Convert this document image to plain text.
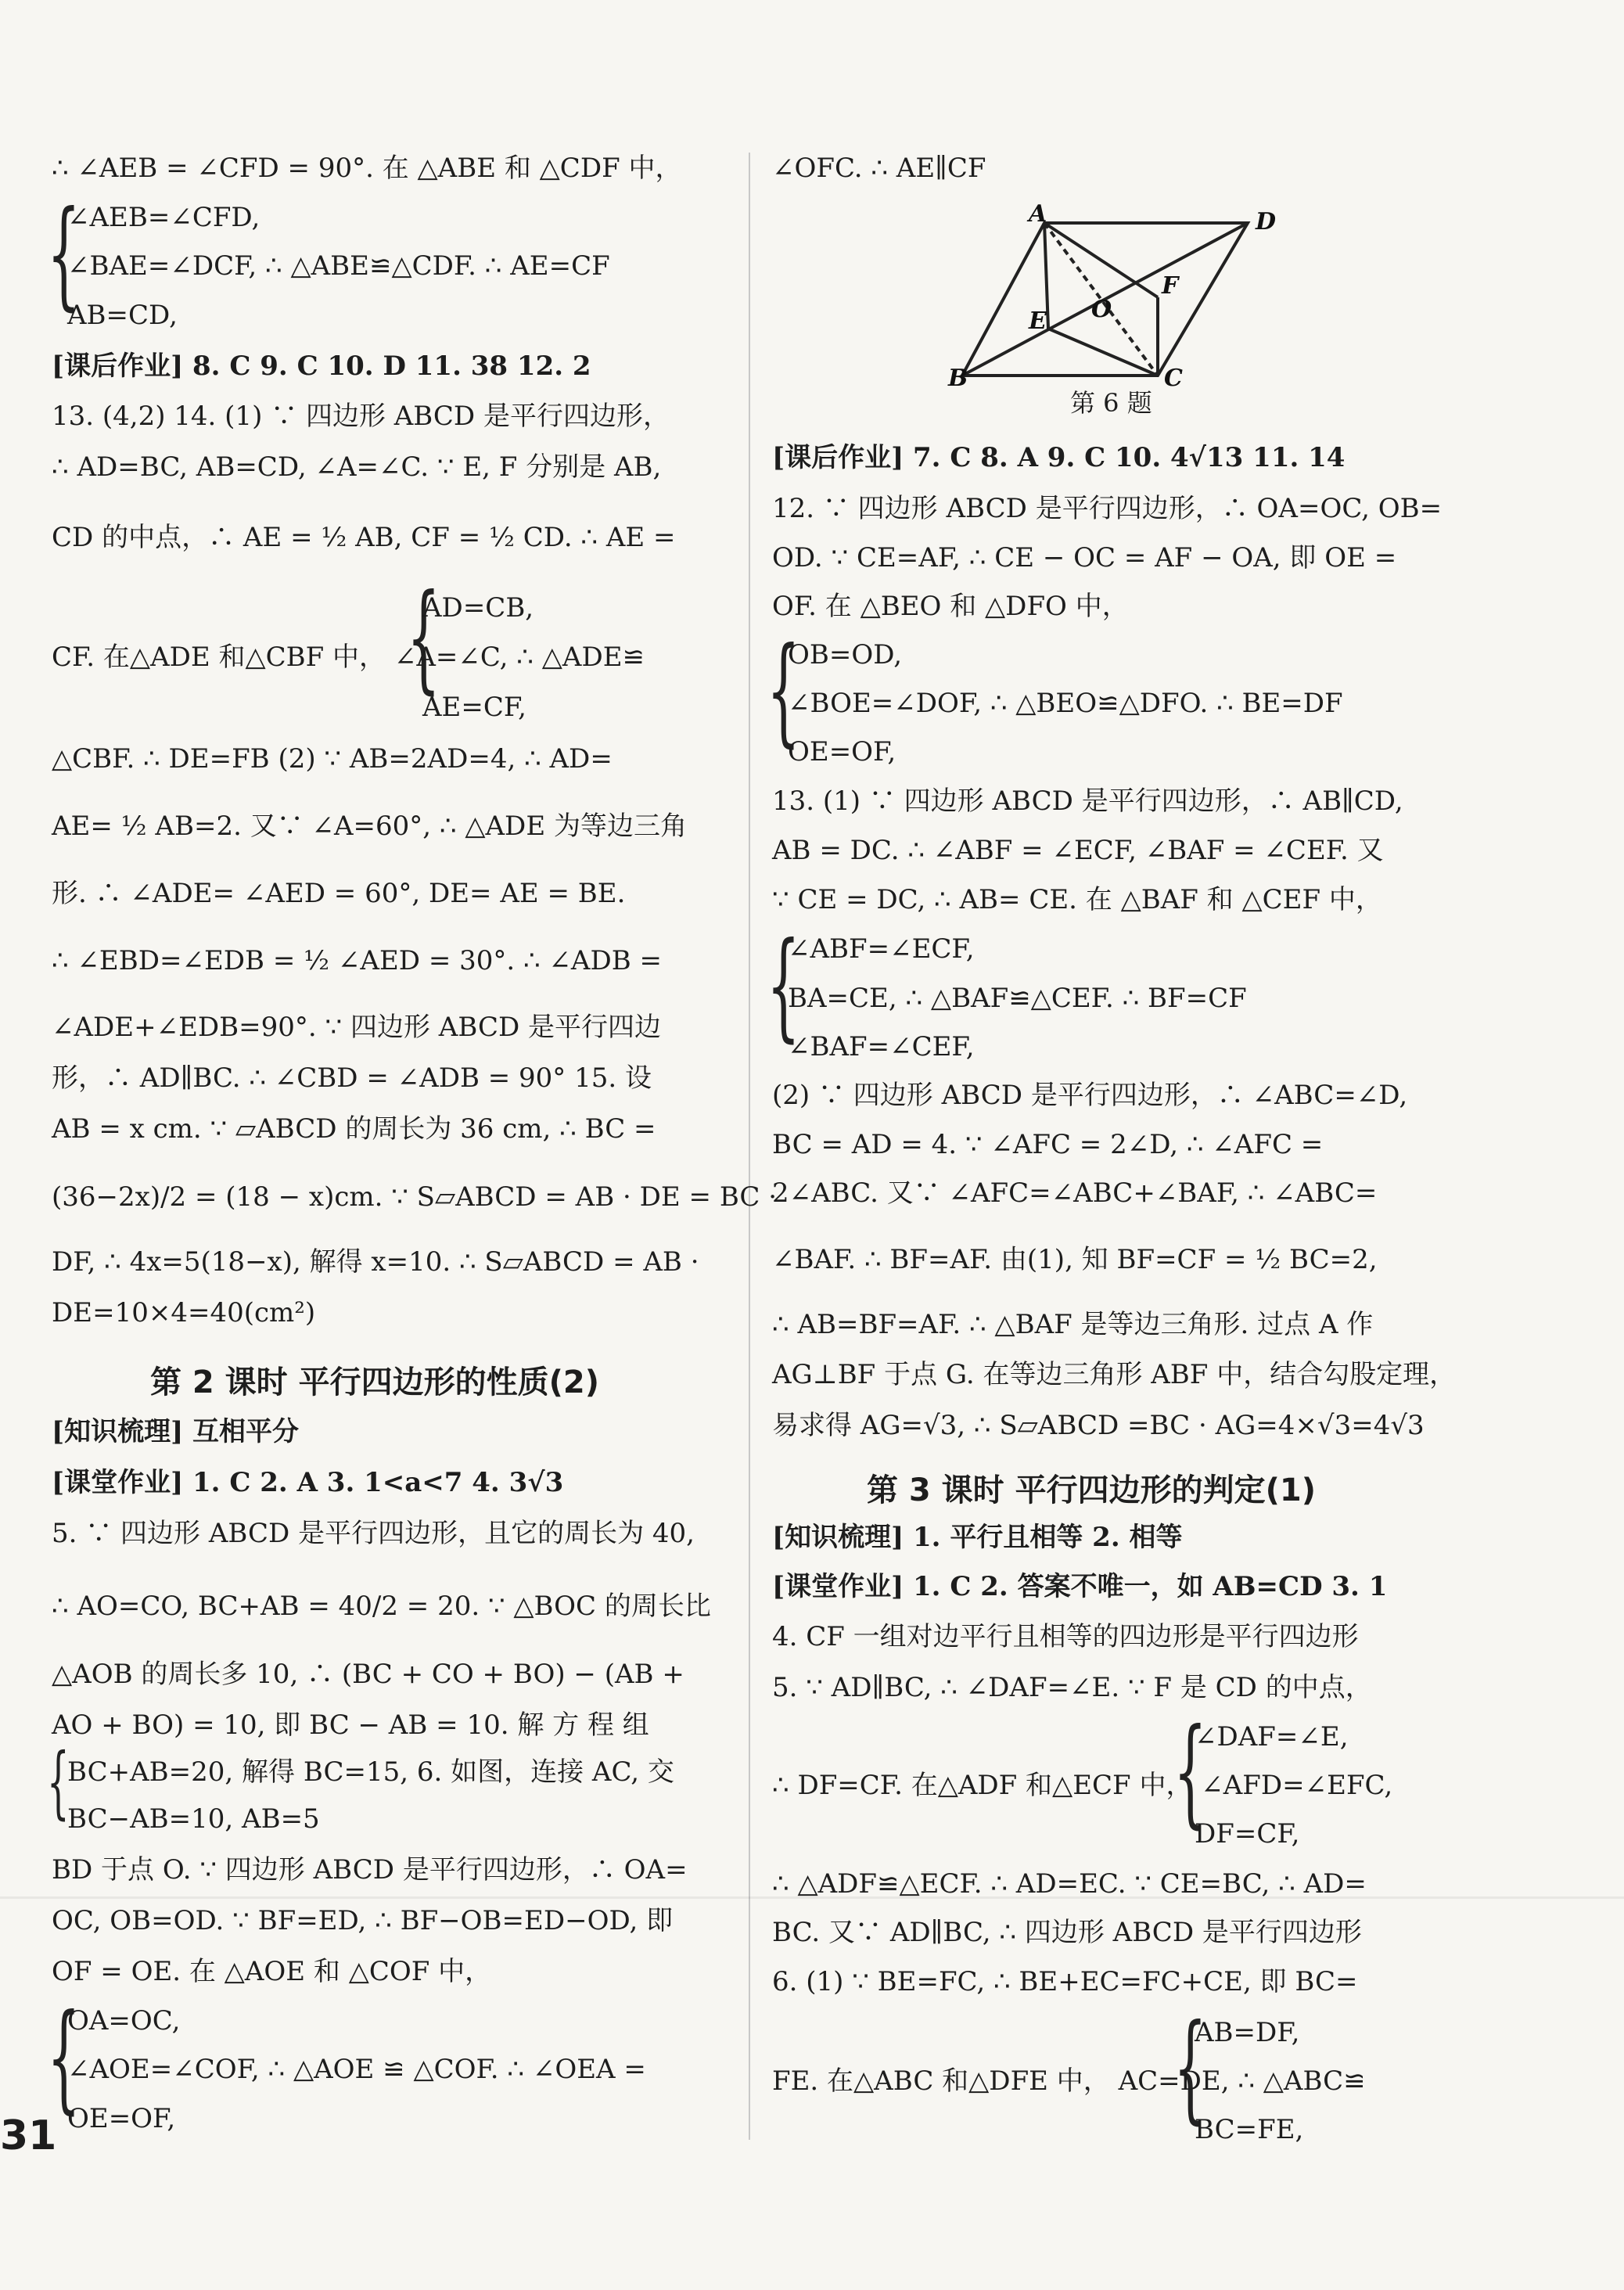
∴ ∠AEB = ∠CFD = 90°. 在 △ABE 和 △CDF 中，
{
∠AEB=∠CFD,
∠BAE=∠DCF, ∴ △ABE≌△CDF. ∴ AE=CF
AB=CD,
[课后作业] 8. C 9. C 10. D 11. 38 12. 2
13. (4,2) 14. (1) ∵ 四边形 ABCD 是平行四边形，
∴ AD=BC, AB=CD, ∠A=∠C. ∵ E, F 分别是 AB,
CD 的中点，∴ AE = ½ AB, CF = ½ CD. ∴ AE =
{
AD=CB,
CF. 在△ADE 和△CBF 中， ∠A=∠C, ∴ △ADE≌
AE=CF,
△CBF. ∴ DE=FB (2) ∵ AB=2AD=4, ∴ AD=
AE= ½ AB=2. 又∵ ∠A=60°, ∴ △ADE 为等边三角
形. ∴ ∠ADE= ∠AED = 60°, DE= AE = BE.
∴ ∠EBD=∠EDB = ½ ∠AED = 30°. ∴ ∠ADB =
∠ADE+∠EDB=90°. ∵ 四边形 ABCD 是平行四边
形，∴ AD∥BC. ∴ ∠CBD = ∠ADB = 90° 15. 设
AB = x cm. ∵ ▱ABCD 的周长为 36 cm, ∴ BC =
(36−2x)/2 = (18 − x)cm. ∵ S▱ABCD = AB · DE = BC ·
DF, ∴ 4x=5(18−x), 解得 x=10. ∴ S▱ABCD = AB ·
DE=10×4=40(cm²)
第 2 课时 平行四边形的性质(2)
[知识梳理] 互相平分
[课堂作业] 1. C 2. A 3. 1<a<7 4. 3√3
5. ∵ 四边形 ABCD 是平行四边形，且它的周长为 40,
∴ AO=CO, BC+AB = 40/2 = 20. ∵ △BOC 的周长比
△AOB 的周长多 10, ∴ (BC + CO + BO) − (AB +
AO + BO) = 10, 即 BC − AB = 10. 解 方 程 组
{
BC+AB=20, 解得 BC=15, 6. 如图，连接 AC, 交
BC−AB=10, AB=5
BD 于点 O. ∵ 四边形 ABCD 是平行四边形，∴ OA=
OC, OB=OD. ∵ BF=ED, ∴ BF−OB=ED−OD, 即
OF = OE. 在 △AOE 和 △COF 中，
{
OA=OC,
∠AOE=∠COF, ∴ △AOE ≌ △COF. ∴ ∠OEA =
OE=OF,
31
A	D
F
O
E
B	C
第 6 题
∠OFC. ∴ AE∥CF
[课后作业] 7. C 8. A 9. C 10. 4√13 11. 14
12. ∵ 四边形 ABCD 是平行四边形，∴ OA=OC, OB=
OD. ∵ CE=AF, ∴ CE − OC = AF − OA, 即 OE =
OF. 在 △BEO 和 △DFO 中，
{
OB=OD,
∠BOE=∠DOF, ∴ △BEO≌△DFO. ∴ BE=DF
OE=OF,
13. (1) ∵ 四边形 ABCD 是平行四边形，∴ AB∥CD,
AB = DC. ∴ ∠ABF = ∠ECF, ∠BAF = ∠CEF. 又
∵ CE = DC, ∴ AB= CE. 在 △BAF 和 △CEF 中，
{
∠ABF=∠ECF,
BA=CE, ∴ △BAF≌△CEF. ∴ BF=CF
∠BAF=∠CEF,
(2) ∵ 四边形 ABCD 是平行四边形，∴ ∠ABC=∠D,
BC = AD = 4. ∵ ∠AFC = 2∠D, ∴ ∠AFC =
2∠ABC. 又∵ ∠AFC=∠ABC+∠BAF, ∴ ∠ABC=
∠BAF. ∴ BF=AF. 由(1), 知 BF=CF = ½ BC=2,
∴ AB=BF=AF. ∴ △BAF 是等边三角形. 过点 A 作
AG⊥BF 于点 G. 在等边三角形 ABF 中，结合勾股定理，
易求得 AG=√3, ∴ S▱ABCD =BC · AG=4×√3=4√3
第 3 课时 平行四边形的判定(1)
[知识梳理] 1. 平行且相等 2. 相等
[课堂作业] 1. C 2. 答案不唯一，如 AB=CD 3. 1
4. CF 一组对边平行且相等的四边形是平行四边形
5. ∵ AD∥BC, ∴ ∠DAF=∠E. ∵ F 是 CD 的中点，
{
∠DAF=∠E,
∴ DF=CF. 在△ADF 和△ECF 中， ∠AFD=∠EFC,
DF=CF,
∴ △ADF≌△ECF. ∴ AD=EC. ∵ CE=BC, ∴ AD=
BC. 又∵ AD∥BC, ∴ 四边形 ABCD 是平行四边形
6. (1) ∵ BE=FC, ∴ BE+EC=FC+CE, 即 BC=
{
AB=DF,
FE. 在△ABC 和△DFE 中， AC=DE, ∴ △ABC≌
BC=FE,
